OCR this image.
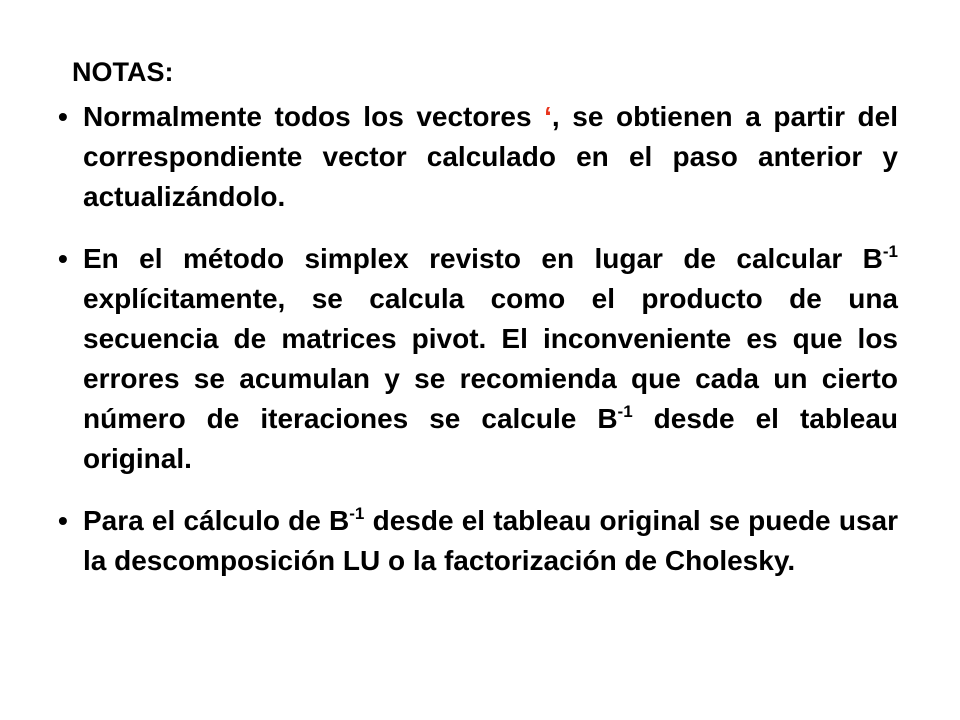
NOTAS:
• Normalmente todos los vectores ‘, se obtienen a partir del correspondiente vector calculado en el paso anterior y actualizándolo.
• En el método simplex revisto en lugar de calcular $B^{-1}$ explícitamente, se calcula como el producto de una secuencia de matrices pivot. El inconveniente es que los errores se acumulan y se recomienda que cada un cierto número de iteraciones se calcule $B^{-1}$ desde el tableau original.
• Para el cálculo de $B^{-1}$ desde el tableau original se puede usar la descomposición LU o la factorización de Cholesky.
